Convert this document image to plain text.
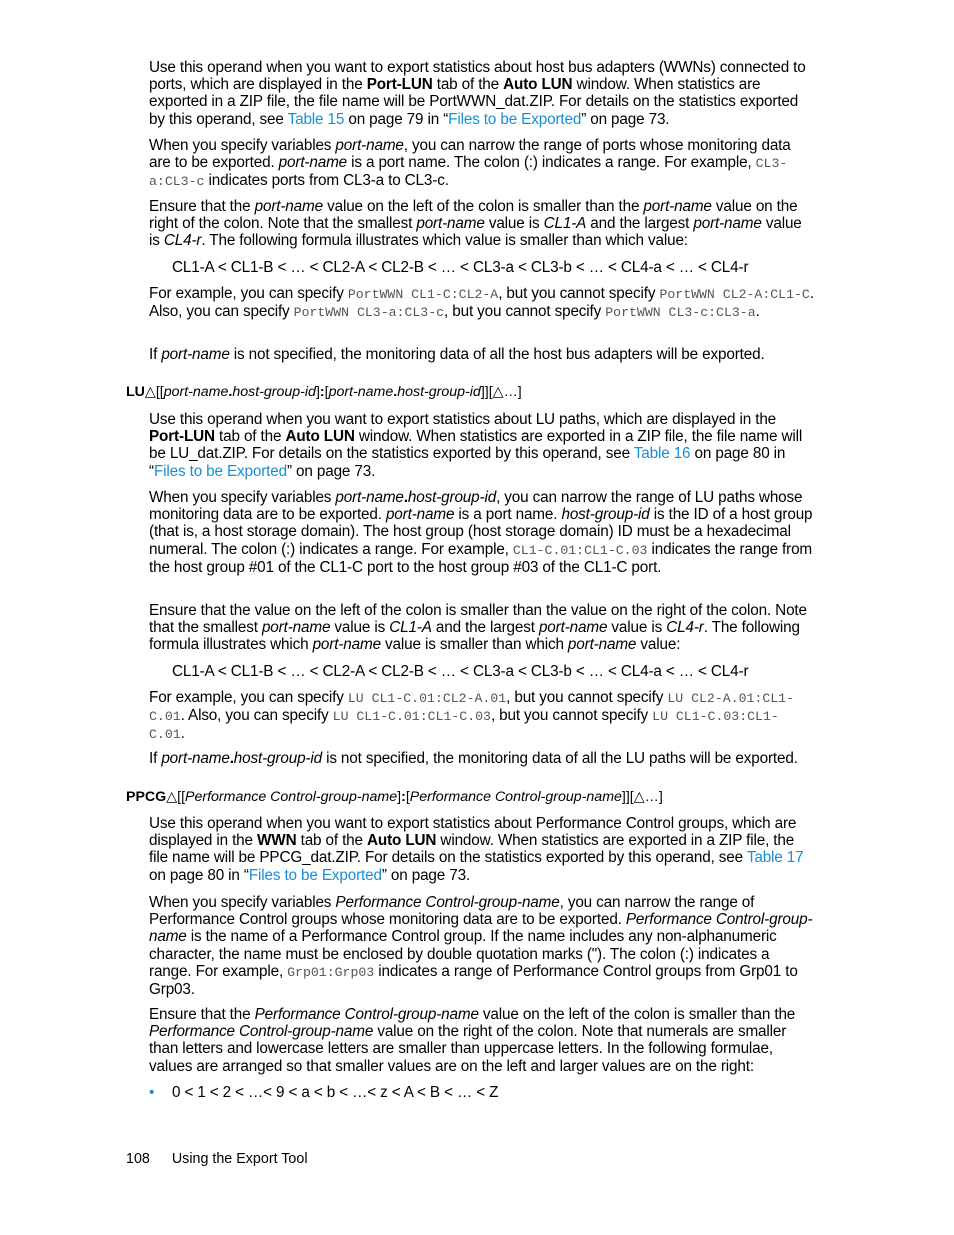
Use this operand when you want to export statistics about host bus adapters (WWNs) connected to ports, which are displayed in the Port-LUN tab of the Auto LUN window. When statistics are exported in a ZIP file, the file name will be PortWWN_dat.ZIP. For details on the statistics exported by this operand, see Table 15 on page 79 in “Files to be Exported” on page 73.

When you specify variables port-name, you can narrow the range of ports whose monitoring data are to be exported. port-name is a port name. The colon (:) indicates a range. For example, CL3-a:CL3-c indicates ports from CL3-a to CL3-c.

Ensure that the port-name value on the left of the colon is smaller than the port-name value on the right of the colon. Note that the smallest port-name value is CL1-A and the largest port-name value is CL4-r. The following formula illustrates which value is smaller than which value:

CL1-A < CL1-B < … < CL2-A < CL2-B < … < CL3-a < CL3-b < … < CL4-a < … < CL4-r

For example, you can specify PortWWN CL1-C:CL2-A, but you cannot specify PortWWN CL2-A:CL1-C. Also, you can specify PortWWN CL3-a:CL3-c, but you cannot specify PortWWN CL3-c:CL3-a.

If port-name is not specified, the monitoring data of all the host bus adapters will be exported.

LU△[[port-name.host-group-id]:[port-name.host-group-id]][△…]

Use this operand when you want to export statistics about LU paths, which are displayed in the Port-LUN tab of the Auto LUN window. When statistics are exported in a ZIP file, the file name will be LU_dat.ZIP. For details on the statistics exported by this operand, see Table 16 on page 80 in “Files to be Exported” on page 73.

When you specify variables port-name.host-group-id, you can narrow the range of LU paths whose monitoring data are to be exported. port-name is a port name. host-group-id is the ID of a host group (that is, a host storage domain). The host group (host storage domain) ID must be a hexadecimal numeral. The colon (:) indicates a range. For example, CL1-C.01:CL1-C.03 indicates the range from the host group #01 of the CL1-C port to the host group #03 of the CL1-C port.

Ensure that the value on the left of the colon is smaller than the value on the right of the colon. Note that the smallest port-name value is CL1-A and the largest port-name value is CL4-r. The following formula illustrates which port-name value is smaller than which port-name value:

CL1-A < CL1-B < … < CL2-A < CL2-B < … < CL3-a < CL3-b < … < CL4-a < … < CL4-r

For example, you can specify LU CL1-C.01:CL2-A.01, but you cannot specify LU CL2-A.01:CL1-C.01. Also, you can specify LU CL1-C.01:CL1-C.03, but you cannot specify LU CL1-C.03:CL1-C.01.

If port-name.host-group-id is not specified, the monitoring data of all the LU paths will be exported.

PPCG△[[Performance Control-group-name]:[Performance Control-group-name]][△…]

Use this operand when you want to export statistics about Performance Control groups, which are displayed in the WWN tab of the Auto LUN window. When statistics are exported in a ZIP file, the file name will be PPCG_dat.ZIP. For details on the statistics exported by this operand, see Table 17 on page 80 in “Files to be Exported” on page 73.

When you specify variables Performance Control-group-name, you can narrow the range of Performance Control groups whose monitoring data are to be exported. Performance Control-group-name is the name of a Performance Control group. If the name includes any non-alphanumeric character, the name must be enclosed by double quotation marks ("). The colon (:) indicates a range. For example, Grp01:Grp03 indicates a range of Performance Control groups from Grp01 to Grp03.

Ensure that the Performance Control-group-name value on the left of the colon is smaller than the Performance Control-group-name value on the right of the colon. Note that numerals are smaller than letters and lowercase letters are smaller than uppercase letters. In the following formulae, values are arranged so that smaller values are on the left and larger values are on the right:

• 0 < 1 < 2 < …< 9 < a < b < …< z < A < B < … < Z

108 Using the Export Tool
